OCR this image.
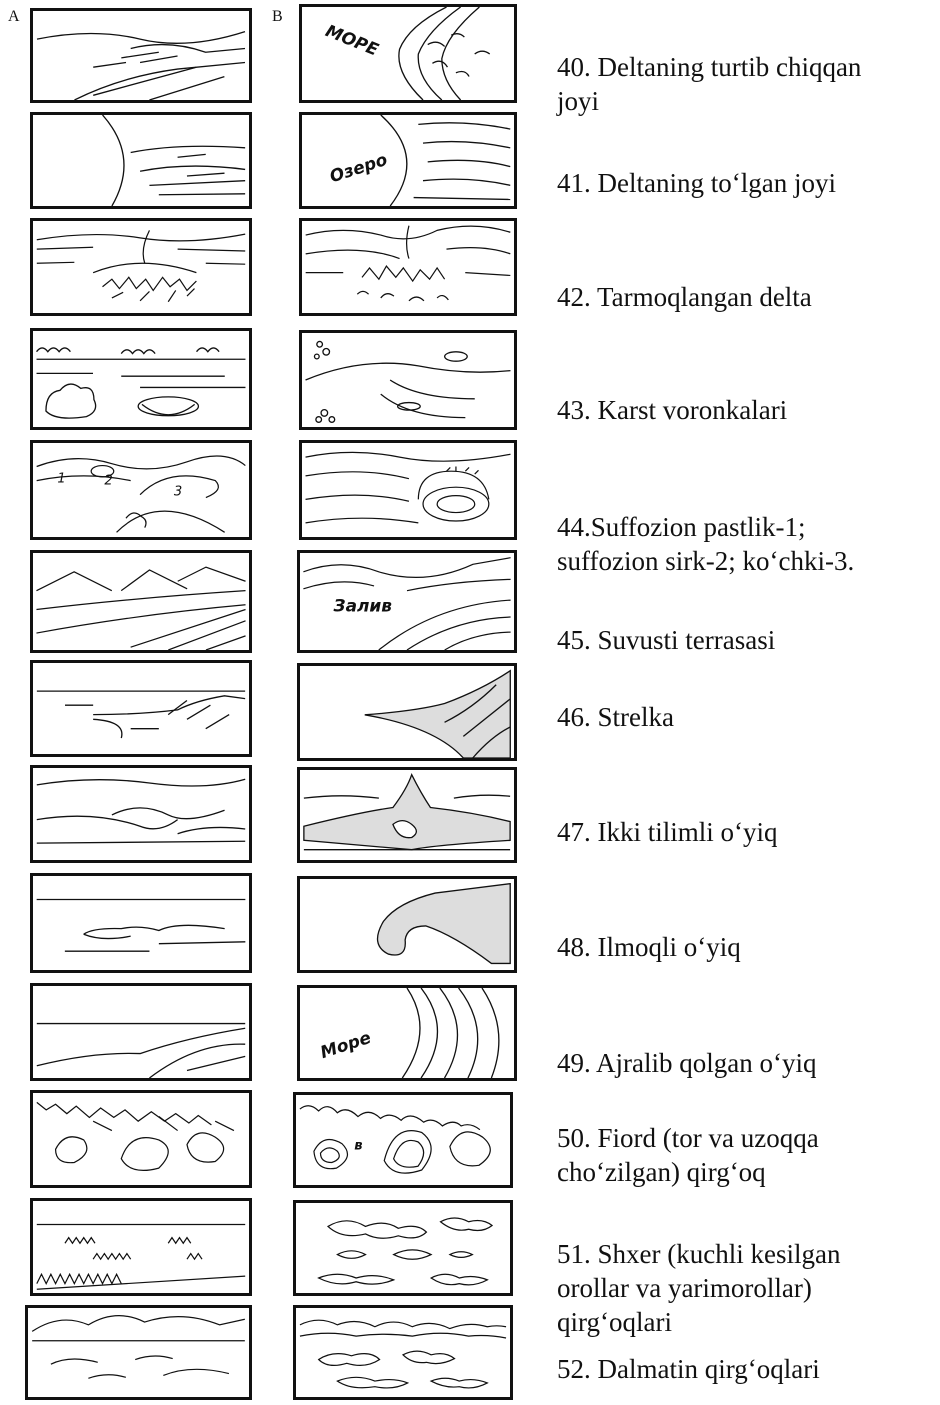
A	B
1	2
3
МОРЕ
Озеро
Залив
Море
в
40. Deltaning turtib chiqqan
joyi
41. Deltaning to‘lgan joyi
42. Tarmoqlangan delta
43. Karst voronkalari
44.Suffozion pastlik-1;
suffozion sirk-2; ko‘chki-3.
45. Suvusti terrasasi
46. Strelka
47. Ikki tilimli o‘yiq
48. Ilmoqli o‘yiq
49. Ajralib qolgan o‘yiq
50. Fiord (tor va uzoqqa
cho‘zilgan) qirg‘oq
51. Shxer (kuchli kesilgan
orollar va yarimorollar)
qirg‘oqlari
52. Dalmatin qirg‘oqlari
